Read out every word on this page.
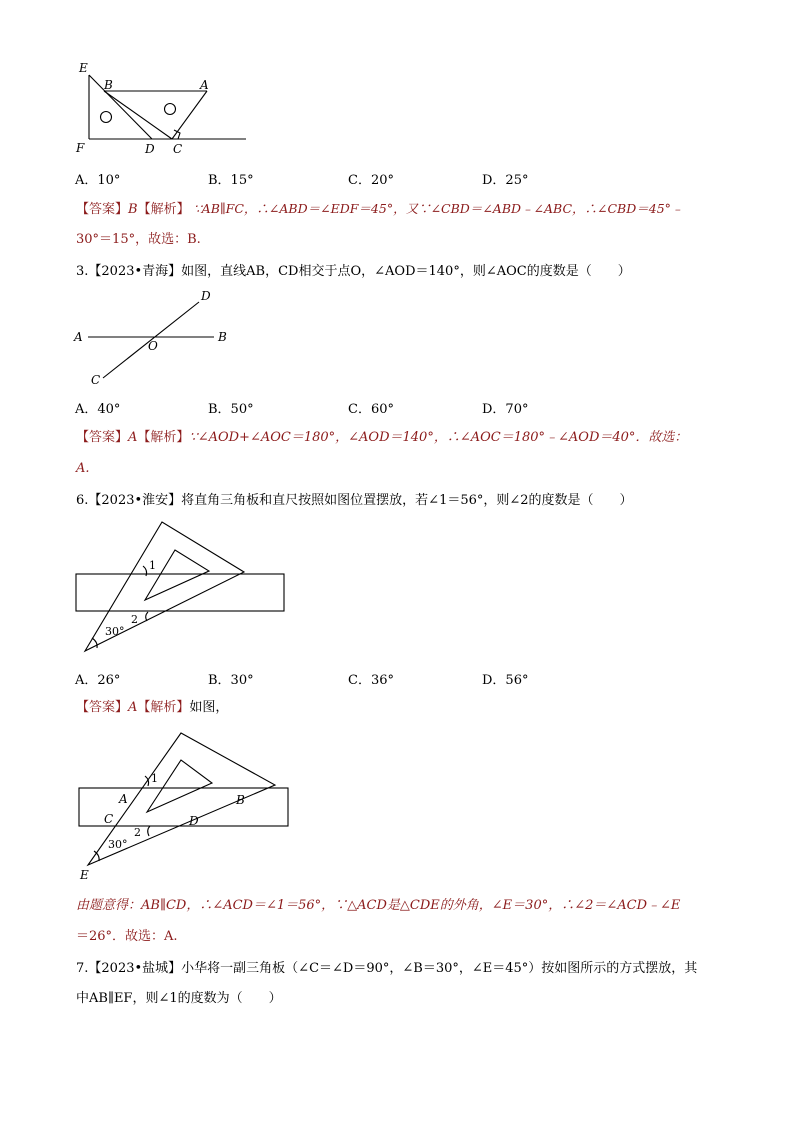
E
B	A
F	D C
A．10°	B．15°	C．20°	D．25°
【答案】B【解析】 ∵AB∥FC，∴∠ABD＝∠EDF＝45°，又∵∠CBD＝∠ABD﹣∠ABC，∴∠CBD＝45°﹣
30°＝15°，故选：B.
3.【2023•青海】如图，直线AB，CD相交于点O，∠AOD＝140°，则∠AOC的度数是（　　）
A	B
D
C
O
A．40°	B．50°	C．60°	D．70°
【答案】A【解析】∵∠AOD+∠AOC＝180°，∠AOD＝140°，∴∠AOC＝180°﹣∠AOD＝40°．故选：
A.
6.【2023•淮安】将直角三角板和直尺按照如图位置摆放，若∠1＝56°，则∠2的度数是（　　）
1
2
30°
A．26°	B．30°	C．36°	D．56°
【答案】A【解析】如图，
1
2
30°
A	B
C	D
E
由题意得：AB∥CD，∴∠ACD＝∠1＝56°，∵△ACD是△CDE的外角，∠E＝30°，∴∠2＝∠ACD﹣∠E
＝26°．故选：A.
7.【2023•盐城】小华将一副三角板（∠C＝∠D＝90°，∠B＝30°，∠E＝45°）按如图所示的方式摆放，其
中AB∥EF，则∠1的度数为（　　）
